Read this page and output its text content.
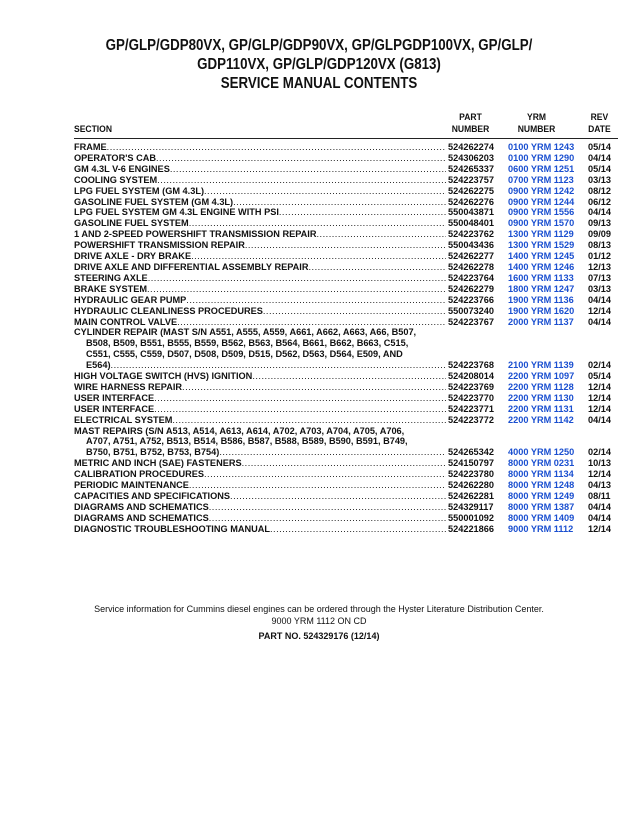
GP/GLP/GDP80VX, GP/GLP/GDP90VX, GP/GLPGDP100VX, GP/GLP/
GDP110VX, GP/GLP/GDP120VX (G813)
SERVICE MANUAL CONTENTS
SECTION
PART
NUMBER
YRM
NUMBER
REV
DATE
FRAME .....	524262274 0100 YRM 1243 05/14
OPERATOR'S CAB .....	524306203 0100 YRM 1290 04/14
GM 4.3L V-6 ENGINES .....	524265337 0600 YRM 1251 05/14
COOLING SYSTEM .....	524223757 0700 YRM 1123 03/13
LPG FUEL SYSTEM (GM 4.3L) .....	524262275 0900 YRM 1242 08/12
GASOLINE FUEL SYSTEM (GM 4.3L) .....	524262276 0900 YRM 1244 06/12
LPG FUEL SYSTEM GM 4.3L ENGINE WITH PSI .....	550043871 0900 YRM 1556 04/14
GASOLINE FUEL SYSTEM .....	550048401 0900 YRM 1570 09/13
1 AND 2-SPEED POWERSHIFT TRANSMISSION REPAIR .....	524223762 1300 YRM 1129 09/09
POWERSHIFT TRANSMISSION REPAIR .....	550043436 1300 YRM 1529 08/13
DRIVE AXLE - DRY BRAKE .....	524262277 1400 YRM 1245 01/12
DRIVE AXLE AND DIFFERENTIAL ASSEMBLY REPAIR .....	524262278 1400 YRM 1246 12/13
STEERING AXLE .....	524223764 1600 YRM 1133 07/13
BRAKE SYSTEM .....	524262279 1800 YRM 1247 03/13
HYDRAULIC GEAR PUMP .....	524223766 1900 YRM 1136 04/14
HYDRAULIC CLEANLINESS PROCEDURES .....	550073240 1900 YRM 1620 12/14
MAIN CONTROL VALVE .....	524223767 2000 YRM 1137 04/14
CYLINDER REPAIR (MAST S/N A551, A555, A559, A661, A662, A663, A66, B507,
B508, B509, B551, B555, B559, B562, B563, B564, B661, B662, B663, C515,
C551, C555, C559, D507, D508, D509, D515, D562, D563, D564, E509, AND
E564) .....	524223768 2100 YRM 1139 02/14
HIGH VOLTAGE SWITCH (HVS) IGNITION .....	524208014 2200 YRM 1097 05/14
WIRE HARNESS REPAIR .....	524223769 2200 YRM 1128 12/14
USER INTERFACE .....	524223770 2200 YRM 1130 12/14
USER INTERFACE .....	524223771 2200 YRM 1131 12/14
ELECTRICAL SYSTEM .....	524223772 2200 YRM 1142 04/14
MAST REPAIRS (S/N A513, A514, A613, A614, A702, A703, A704, A705, A706,
A707, A751, A752, B513, B514, B586, B587, B588, B589, B590, B591, B749,
B750, B751, B752, B753, B754) .....	524265342 4000 YRM 1250 02/14
METRIC AND INCH (SAE) FASTENERS .....	524150797 8000 YRM 0231 10/13
CALIBRATION PROCEDURES .....	524223780 8000 YRM 1134 12/14
PERIODIC MAINTENANCE .....	524262280 8000 YRM 1248 04/13
CAPACITIES AND SPECIFICATIONS .....	524262281 8000 YRM 1249 08/11
DIAGRAMS AND SCHEMATICS .....	524329117 8000 YRM 1387 04/14
DIAGRAMS AND SCHEMATICS .....	550001092 8000 YRM 1409 04/14
DIAGNOSTIC TROUBLESHOOTING MANUAL .....	524221866 9000 YRM 1112 12/14
Service information for Cummins diesel engines can be ordered through the Hyster Literature Distribution Center.
9000 YRM 1112 ON CD
PART NO. 524329176 (12/14)
